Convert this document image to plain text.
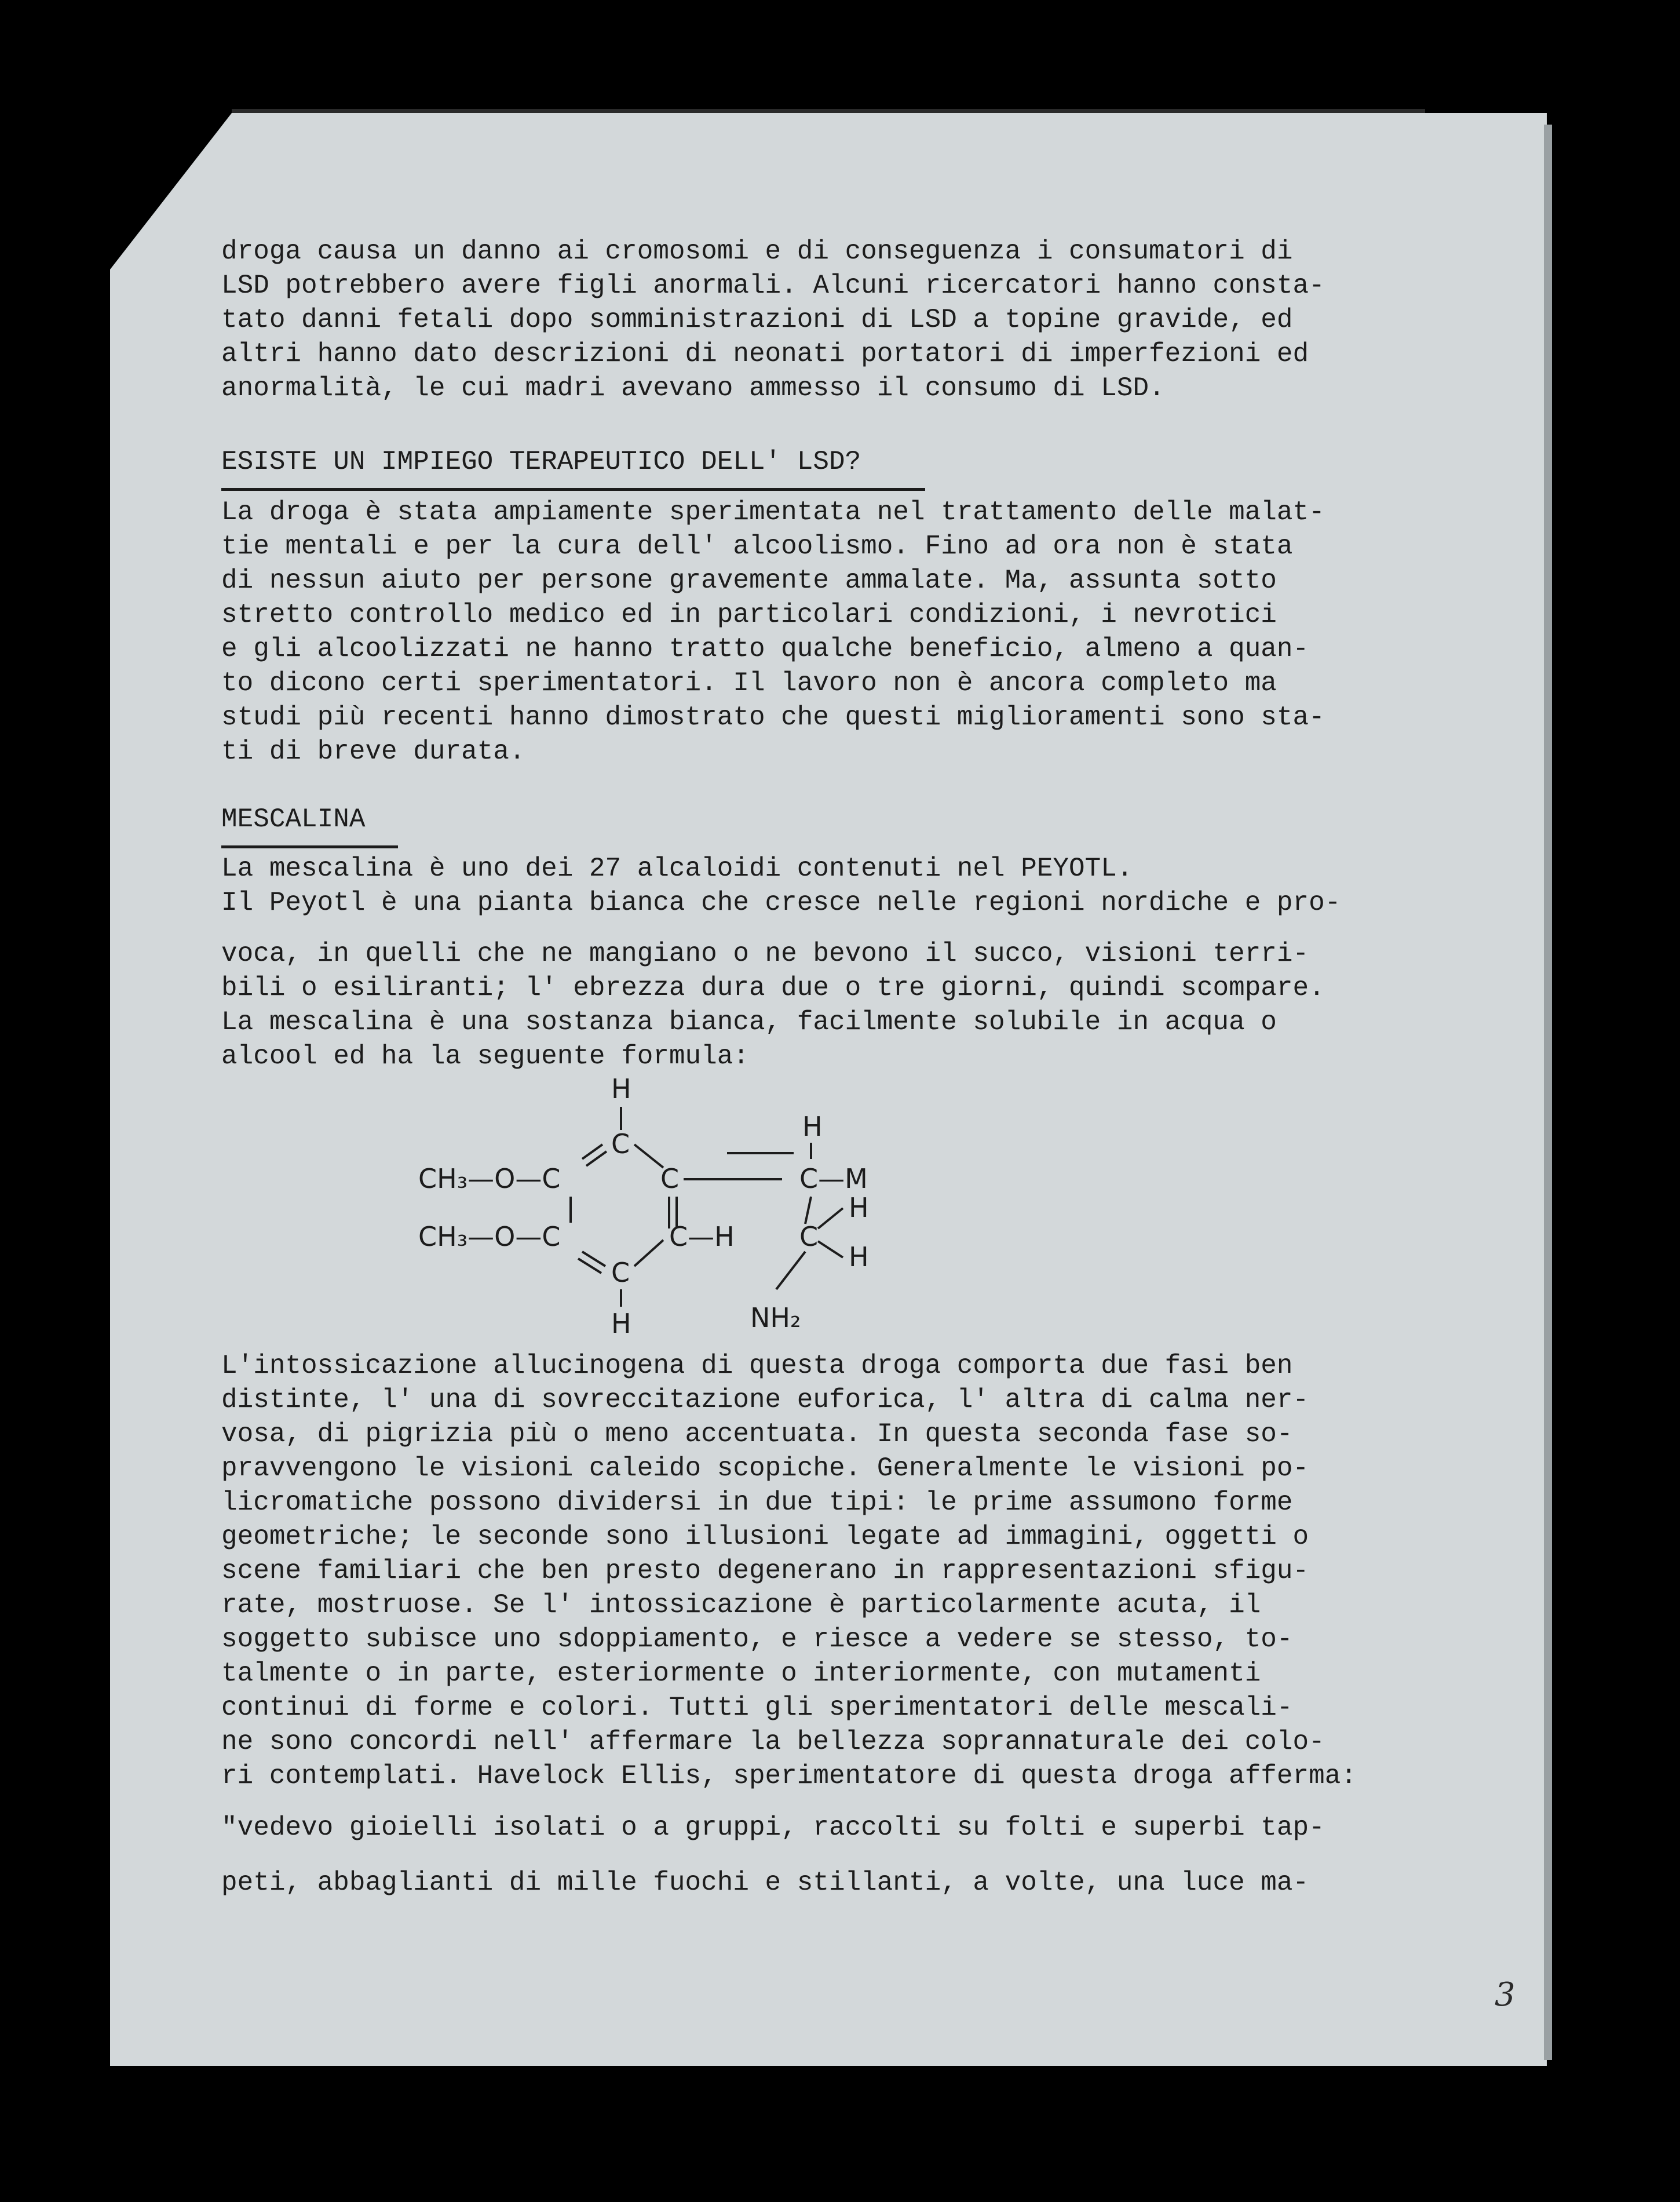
droga causa un danno ai cromosomi e di conseguenza i consumatori di
LSD potrebbero avere figli anormali. Alcuni ricercatori hanno consta-
tato danni fetali dopo somministrazioni di LSD a topine gravide, ed
altri hanno dato descrizioni di neonati portatori di imperfezioni ed
anormalità, le cui madri avevano ammesso il consumo di LSD.
ESISTE UN IMPIEGO TERAPEUTICO DELL' LSD?
La droga è stata ampiamente sperimentata nel trattamento delle malat-
tie mentali e per la cura dell' alcoolismo. Fino ad ora non è stata
di nessun aiuto per persone gravemente ammalate. Ma, assunta sotto
stretto controllo medico ed in particolari condizioni, i nevrotici
e gli alcoolizzati ne hanno tratto qualche beneficio, almeno a quan-
to dicono certi sperimentatori. Il lavoro non è ancora completo ma
studi più recenti hanno dimostrato che questi miglioramenti sono sta-
ti di breve durata.
MESCALINA
La mescalina è uno dei 27 alcaloidi contenuti nel PEYOTL.
Il Peyotl è una pianta bianca che cresce nelle regioni nordiche e pro-
voca, in quelli che ne mangiano o ne bevono il succo, visioni terri-
bili o esiliranti; l' ebrezza dura due o tre giorni, quindi scompare.
La mescalina è una sostanza bianca, facilmente solubile in acqua o
alcool ed ha la seguente formula:
H
C
H
CH₃—O—C	C	C—M
CH₃—O—C	C—H C
H
H
C
H	NH₂
L'intossicazione allucinogena di questa droga comporta due fasi ben
distinte, l' una di sovreccitazione euforica, l' altra di calma ner-
vosa, di pigrizia più o meno accentuata. In questa seconda fase so-
pravvengono le visioni caleido scopiche. Generalmente le visioni po-
licromatiche possono dividersi in due tipi: le prime assumono forme
geometriche; le seconde sono illusioni legate ad immagini, oggetti o
scene familiari che ben presto degenerano in rappresentazioni sfigu-
rate, mostruose. Se l' intossicazione è particolarmente acuta, il
soggetto subisce uno sdoppiamento, e riesce a vedere se stesso, to-
talmente o in parte, esteriormente o interiormente, con mutamenti
continui di forme e colori. Tutti gli sperimentatori delle mescali-
ne sono concordi nell' affermare la bellezza soprannaturale dei colo-
ri contemplati. Havelock Ellis, sperimentatore di questa droga afferma:
"vedevo gioielli isolati o a gruppi, raccolti su folti e superbi tap-
peti, abbaglianti di mille fuochi e stillanti, a volte, una luce ma-
3
